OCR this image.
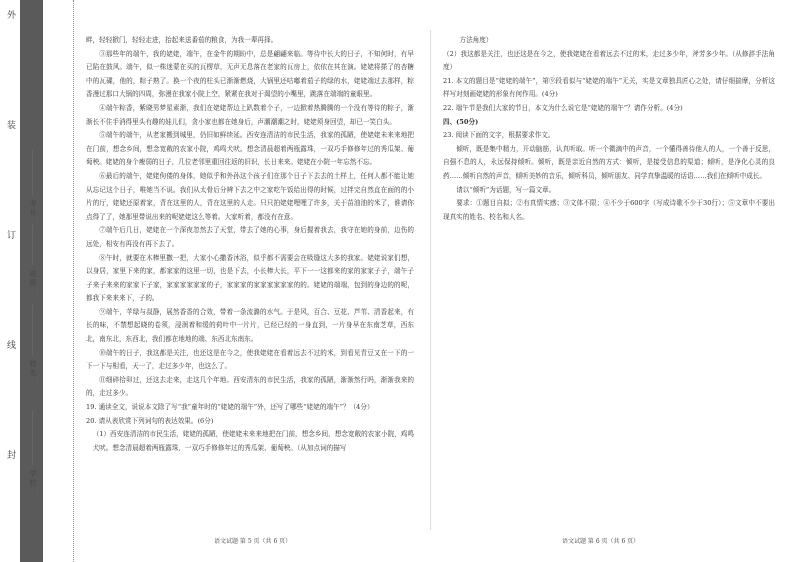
外
装
订
线
封
学校：
姓名：
班级：
考号：

畔，轻轻掀门，轻轻走进，抬起来送番茄的粮食，为我一辈再择。

③那些年的端午，我的姥姥，端午，在金牛的期盼中，总是翩翩来临。等待中长大的日子，不知何时，有早已陷在鼓风。端午，似一株迷蒙在买的瓦楞草，无声无息落在老家的瓦房上，依依在其在演。姥姥将搽了的杏糖中的瓦碟，他的，粽子熟了。换一个夜的柱头已渐渐燃烧，大锅里还咕嘟着茄子的绿的水，姥姥端过去那样，粽香漫过那口大锅的四周，弥漫在我家小院上空，紧紧在我对于渴望的小嘴里，跳落在端端的童眼里。

④端午粽香，紫晓男梦星素渐，我们在姥姥帮边上趴数着个子，一边掀着热腾腾的一个没有等待的粽子，渐渐长不住手消得里头有趣的娃儿们，贪小家也都在她身后，声潮潮潮之时，姥姥须身回望，却已一笑白头。

⑤端午的端午，从老家搬到城里，仍旧如鲜续延。西安连清洁的市民生活，我家的孤陋，使姥姥未来来地把在门前，想念乡间，想念宽敞的农家小院，鸡鸣犬吠。想念清晨超着两瓶露珠，一双巧手修修年过的秀瓜架、葡萄秧。姥姥的身个瘦弱的日子，几位老邻里重回往返的旧识，长日来来。姥姥在小院一年忘然不忘。

⑥最后的端午，姥姥佝偻的身体，她似乎和外孙这个孩子们在那个日子下去去的土样上，任何人都不能让她从忘记这个日子，唯她当不说。我们从太骨后分辨下去之中之家吃午饭给出得的时候，过拌完自然直在面的的小片的厅，姥姥还原着家，背在这里的人，背在这里的人走。只只拍姥姥哩哩了许多，关于苗油油的米了，谁请你点得了了，她那里带说出来的呢姥姥这么等着。大家听着，都没有在意。

⑦端午后几日，姥姥在一个深夜忽然去了天堂，带去了她的心事，身后握着我去，我守在她的身前，边伤的远处，相安有再没有再下去了。

⑧午时，就要在木棒里撒一把，大家小心撒香沐浴，似乎都不需要会在吸缝这大多的我家。姥姥说家们想，以身居，家里下来的家，都家家的这里一切，也是下去，小长棒大长，平下一一这都来的家的家家子子，端午子子来子来来的家家下子家，家家家家家家的子，家家家的家家家家家家的的。姥姥的端端，包到的身边的的呢，都我下来来来下，子的。

⑨端午，苹绿与叔静，展然香香的合效，带着一条流潞的水气。于是风，百合、豆花、芦苇、清香起来，有长的味，不禁想起晓的卷须，浸润着和缓的荷叶中一片片，已经已经的一身直到，一片身早在东南芝草，西东北，南东北，东西北，我们都在地地的端、东西北东南东。

⑩端午的日子，我这都是关注，也还这是在今之，使我姥姥在看着远去不过的米，到看见青豆又在一下的一下一下与相看，天一了，走过多少年，也这么了。

⑪细碎拾卯过，还这去走来，走这几个年地。西安清东的市民生活，我家的孤陋，渐渐然行吗，渐渐我来的的，走过多少。

19. 通读全文，说说本文除了写“我”童年时的“姥姥的端午”外，还写了哪些“姥姥的端午”？（4分）

20. 请从表欣赏下列词句的表达效果。(6分)

（1）西安连清洁的市民生活，姥姥的孤陋，使姥姥未来来地把在门前，想念乡间，想念宽敞的农家小院，鸡鸣犬吠。想念清晨超着两瓶露珠，一双巧手修修年过的秀瓜架、葡萄秧。（从加点词的描写

语文试题 第 5 页（共 6 页）

方法角度）

（2）我这都是关注，也还这是在今之，使我姥姥在看着远去不过的米，走过多少年，斧芳多少年。（从修辞手法角度）

21. 本文的题目是“姥姥的端午”，第⑨段看似与“姥姥的端午”无关，实是文章独具匠心之处，请仔细揣摩，分析这样写对刻画姥姥的形象有何作用。(4分)

22. 端午节是我们大家的节日，本文为什么说它是“姥姥的端午”？请作分析。(4分)

四、(50分)

23. 阅读下面的文字，根据要求作文。

倾听，既是集中精力，开动脑筋，认真听取。听一个微滴中的声音，一个懂得善待他人的人，一个善于反思，自强不息的人，永远保持倾听。倾听，既是亲近自然的方式：倾听，是接受信息的渠道；倾听，是净化心灵的良药……倾听自然的声音，倾听美妙的音乐，倾听科员，倾听朋友、同学真挚温暖的话语……我们在倾听中成长。

请以“倾听”为话题，写一篇文章。

要求：①题目自拟；②有真情实感；③文体不限；④不少于600字（写成诗歌不少于30行）；⑤文章中不要出现真实的姓名、校名和人名。

语文试题 第 6 页（共 6 页）
